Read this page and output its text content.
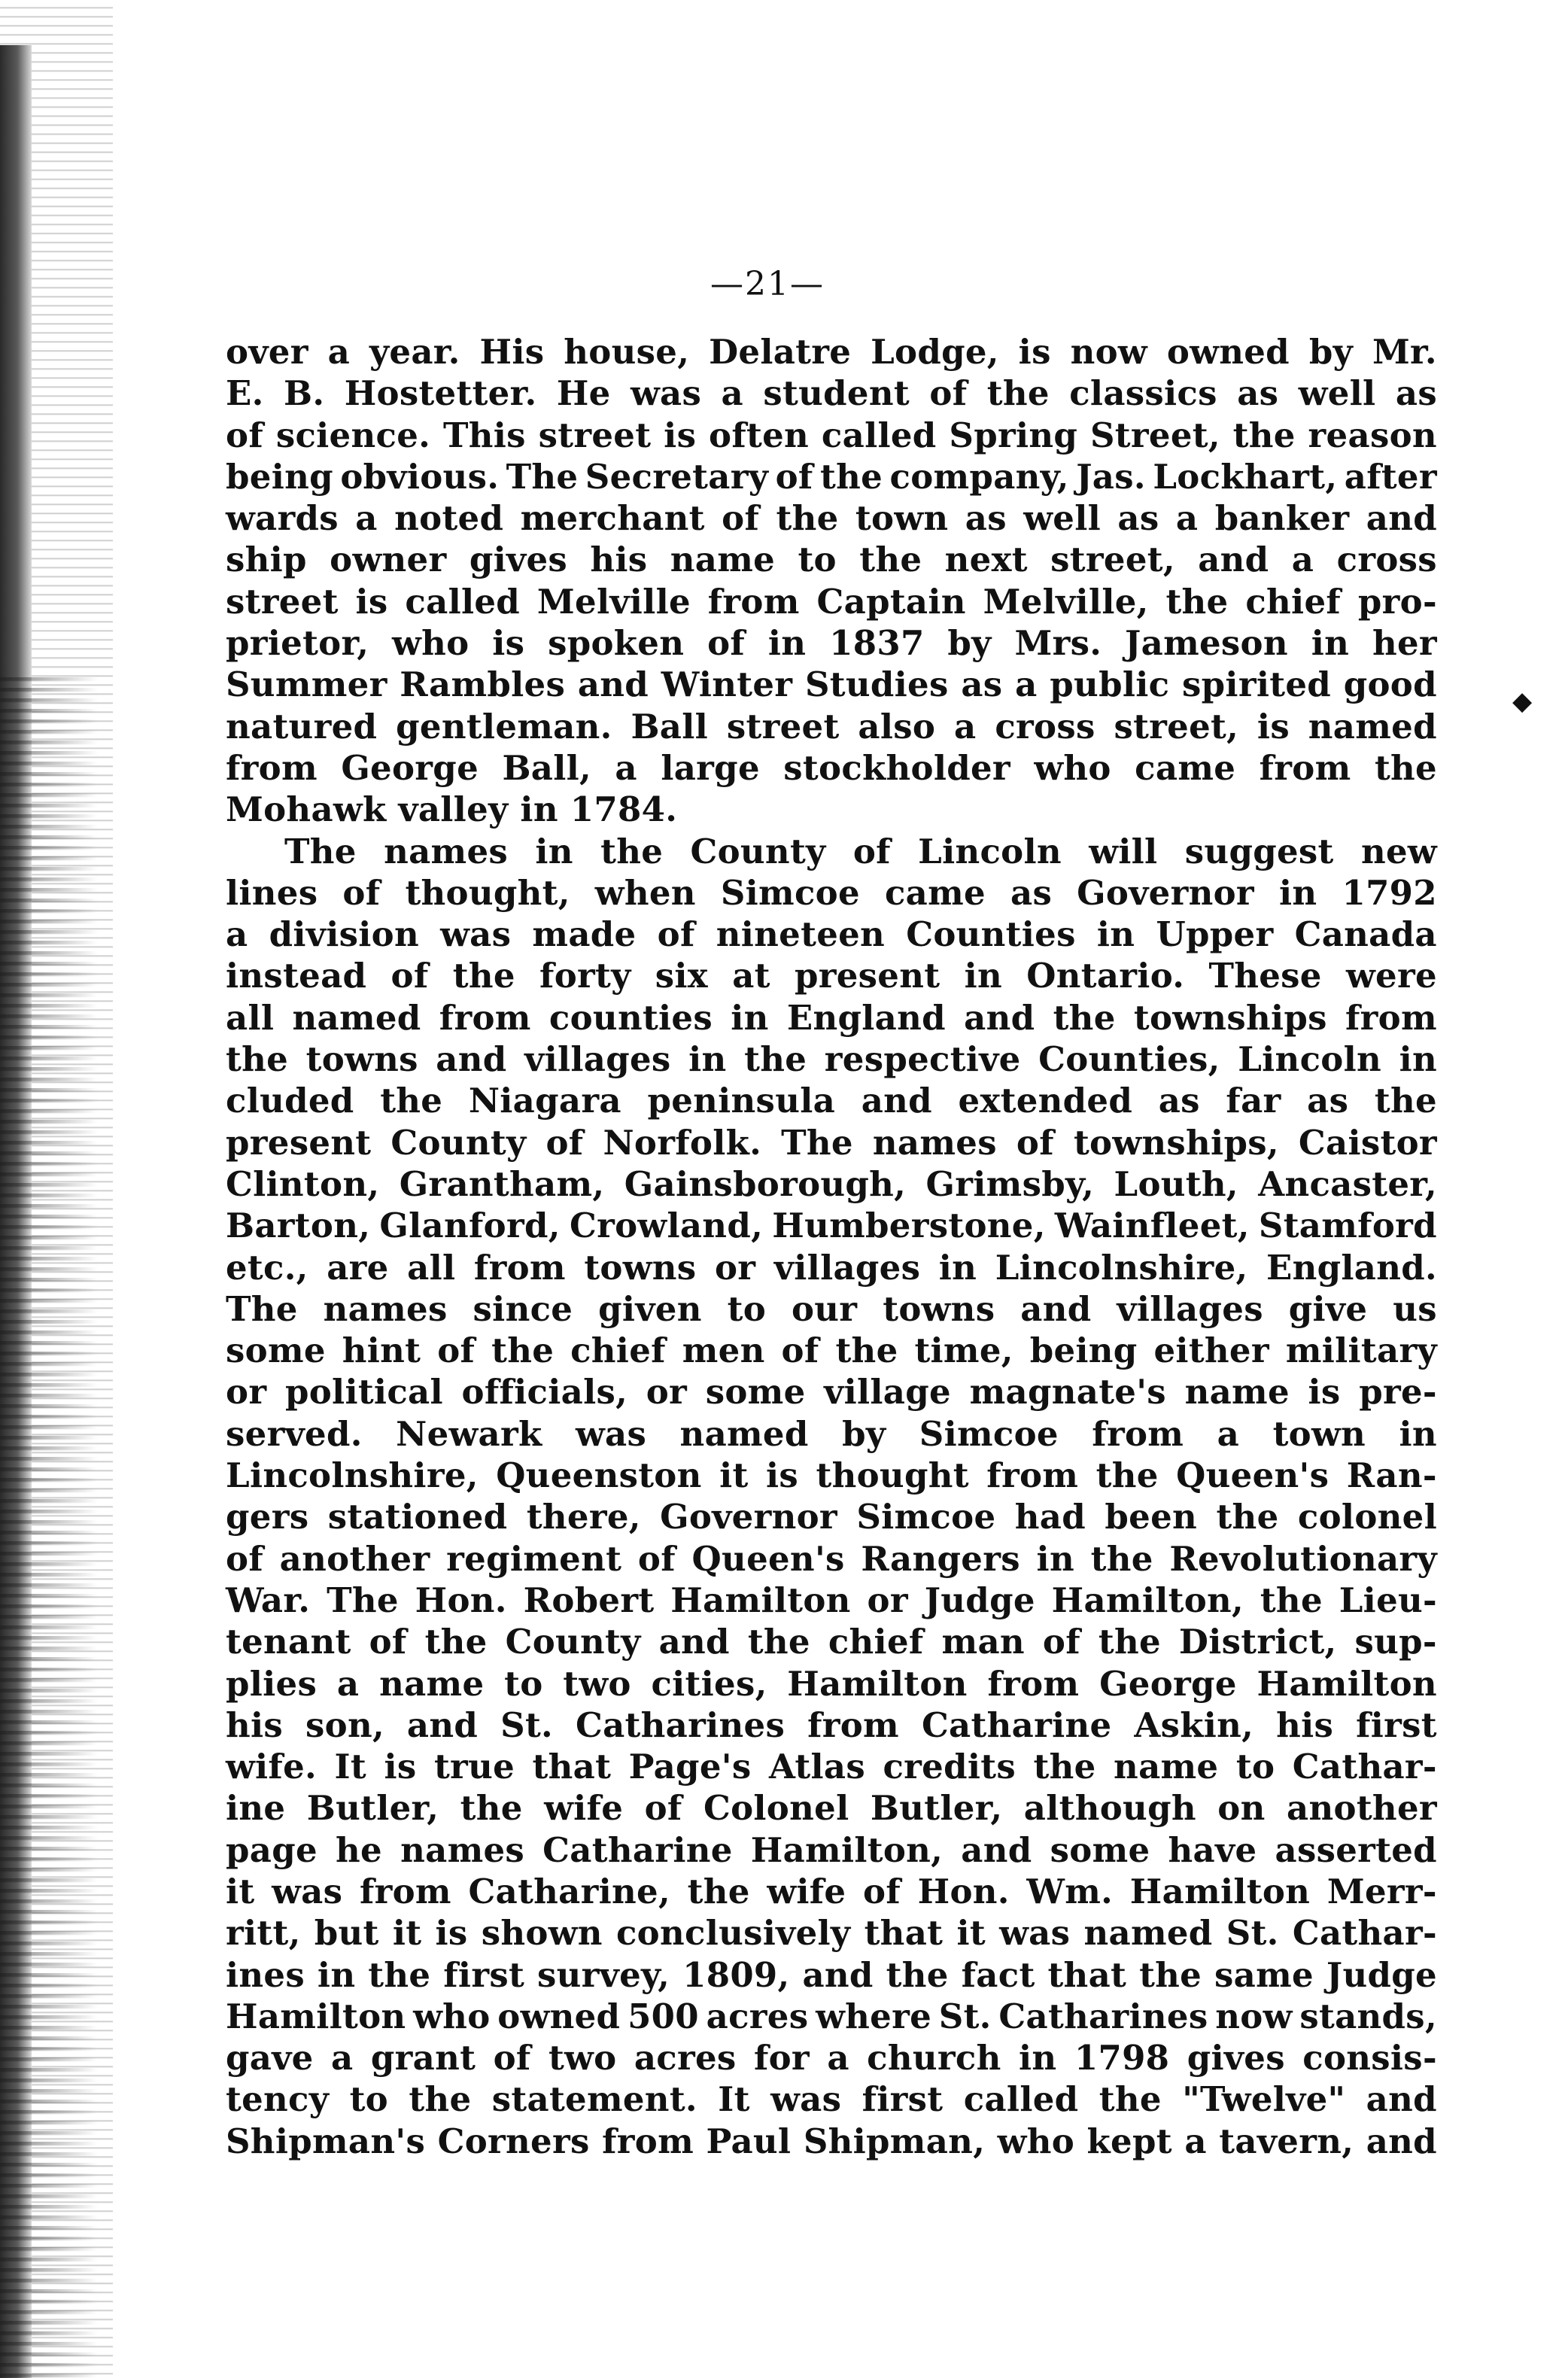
—21—
◆
over a year. His house, Delatre Lodge, is now owned by Mr.
E. B. Hostetter. He was a student of the classics as well as
of science. This street is often called Spring Street, the reason
being obvious. The Secretary of the company, Jas. Lockhart, after
wards a noted merchant of the town as well as a banker and
ship owner gives his name to the next street, and a cross
street is called Melville from Captain Melville, the chief pro-
prietor, who is spoken of in 1837 by Mrs. Jameson in her
Summer Rambles and Winter Studies as a public spirited good
natured gentleman. Ball street also a cross street, is named
from George Ball, a large stockholder who came from the
Mohawk valley in 1784.
The names in the County of Lincoln will suggest new
lines of thought, when Simcoe came as Governor in 1792
a division was made of nineteen Counties in Upper Canada
instead of the forty six at present in Ontario. These were
all named from counties in England and the townships from
the towns and villages in the respective Counties, Lincoln in
cluded the Niagara peninsula and extended as far as the
present County of Norfolk. The names of townships, Caistor
Clinton, Grantham, Gainsborough, Grimsby, Louth, Ancaster,
Barton, Glanford, Crowland, Humberstone, Wainfleet, Stamford
etc., are all from towns or villages in Lincolnshire, England.
The names since given to our towns and villages give us
some hint of the chief men of the time, being either military
or political officials, or some village magnate's name is pre-
served. Newark was named by Simcoe from a town in
Lincolnshire, Queenston it is thought from the Queen's Ran-
gers stationed there, Governor Simcoe had been the colonel
of another regiment of Queen's Rangers in the Revolutionary
War. The Hon. Robert Hamilton or Judge Hamilton, the Lieu-
tenant of the County and the chief man of the District, sup-
plies a name to two cities, Hamilton from George Hamilton
his son, and St. Catharines from Catharine Askin, his first
wife. It is true that Page's Atlas credits the name to Cathar-
ine Butler, the wife of Colonel Butler, although on another
page he names Catharine Hamilton, and some have asserted
it was from Catharine, the wife of Hon. Wm. Hamilton Merr-
ritt, but it is shown conclusively that it was named St. Cathar-
ines in the first survey, 1809, and the fact that the same Judge
Hamilton who owned 500 acres where St. Catharines now stands,
gave a grant of two acres for a church in 1798 gives consis-
tency to the statement. It was first called the "Twelve" and
Shipman's Corners from Paul Shipman, who kept a tavern, and
